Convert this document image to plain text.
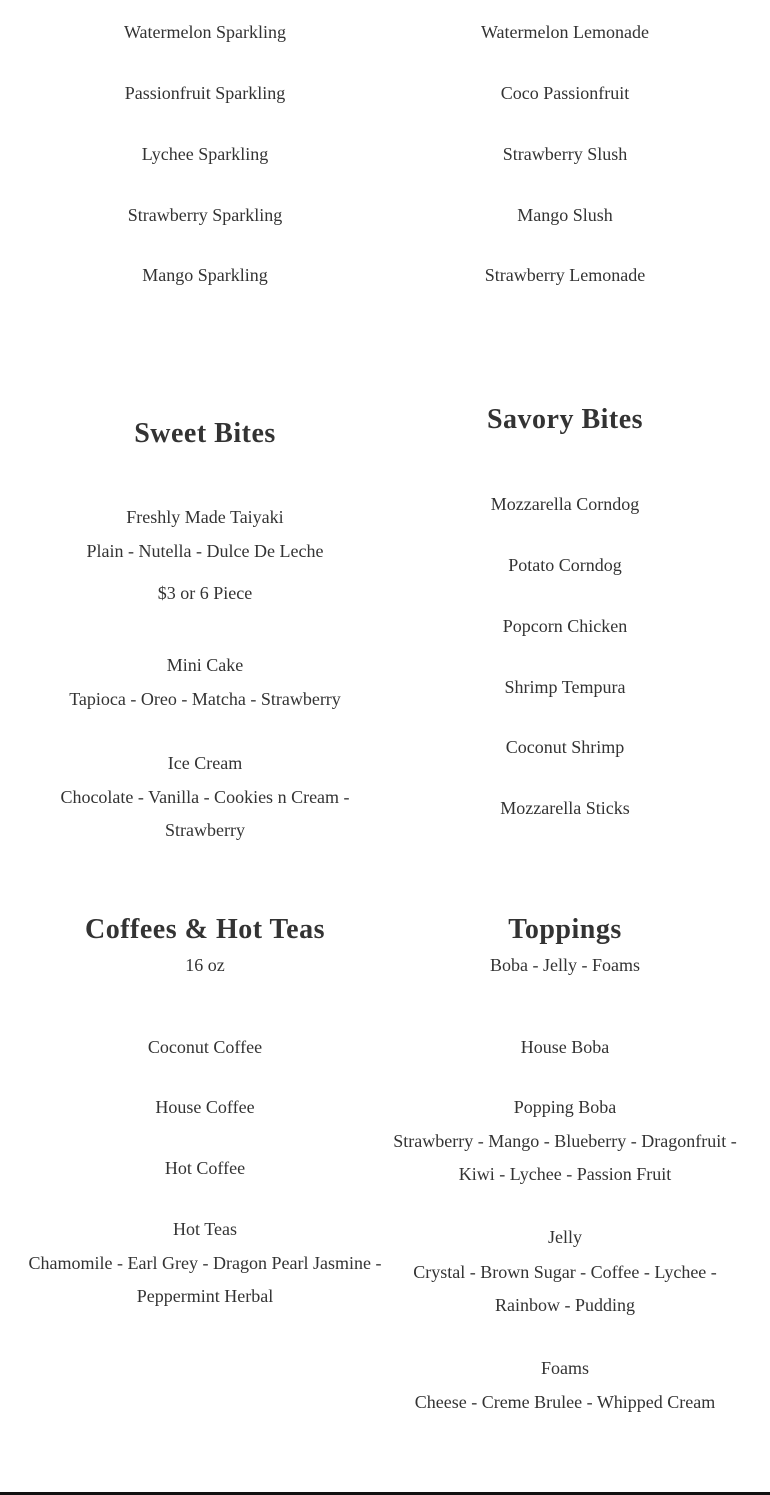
Watermelon Sparkling

Passionfruit Sparkling

Lychee Sparkling

Strawberry Sparkling

Mango Sparkling

Watermelon Lemonade

Coco Passionfruit

Strawberry Slush

Mango Slush

Strawberry Lemonade

Sweet Bites

Freshly Made Taiyaki

Plain - Nutella - Dulce De Leche

$3 or 6 Piece

Mini Cake

Tapioca - Oreo - Matcha - Strawberry

Ice Cream

Chocolate - Vanilla - Cookies n Cream - Strawberry

Savory Bites

Mozzarella Corndog

Potato Corndog

Popcorn Chicken

Shrimp Tempura

Coconut Shrimp

Mozzarella Sticks

Coffees & Hot Teas

16 oz

Coconut Coffee

House Coffee

Hot Coffee

Hot Teas

Chamomile - Earl Grey - Dragon Pearl Jasmine - Peppermint Herbal

Toppings

Boba - Jelly - Foams

House Boba

Popping Boba

Strawberry - Mango - Blueberry - Dragonfruit - Kiwi - Lychee - Passion Fruit

Jelly

Crystal - Brown Sugar - Coffee - Lychee - Rainbow - Pudding

Foams

Cheese - Creme Brulee - Whipped Cream
